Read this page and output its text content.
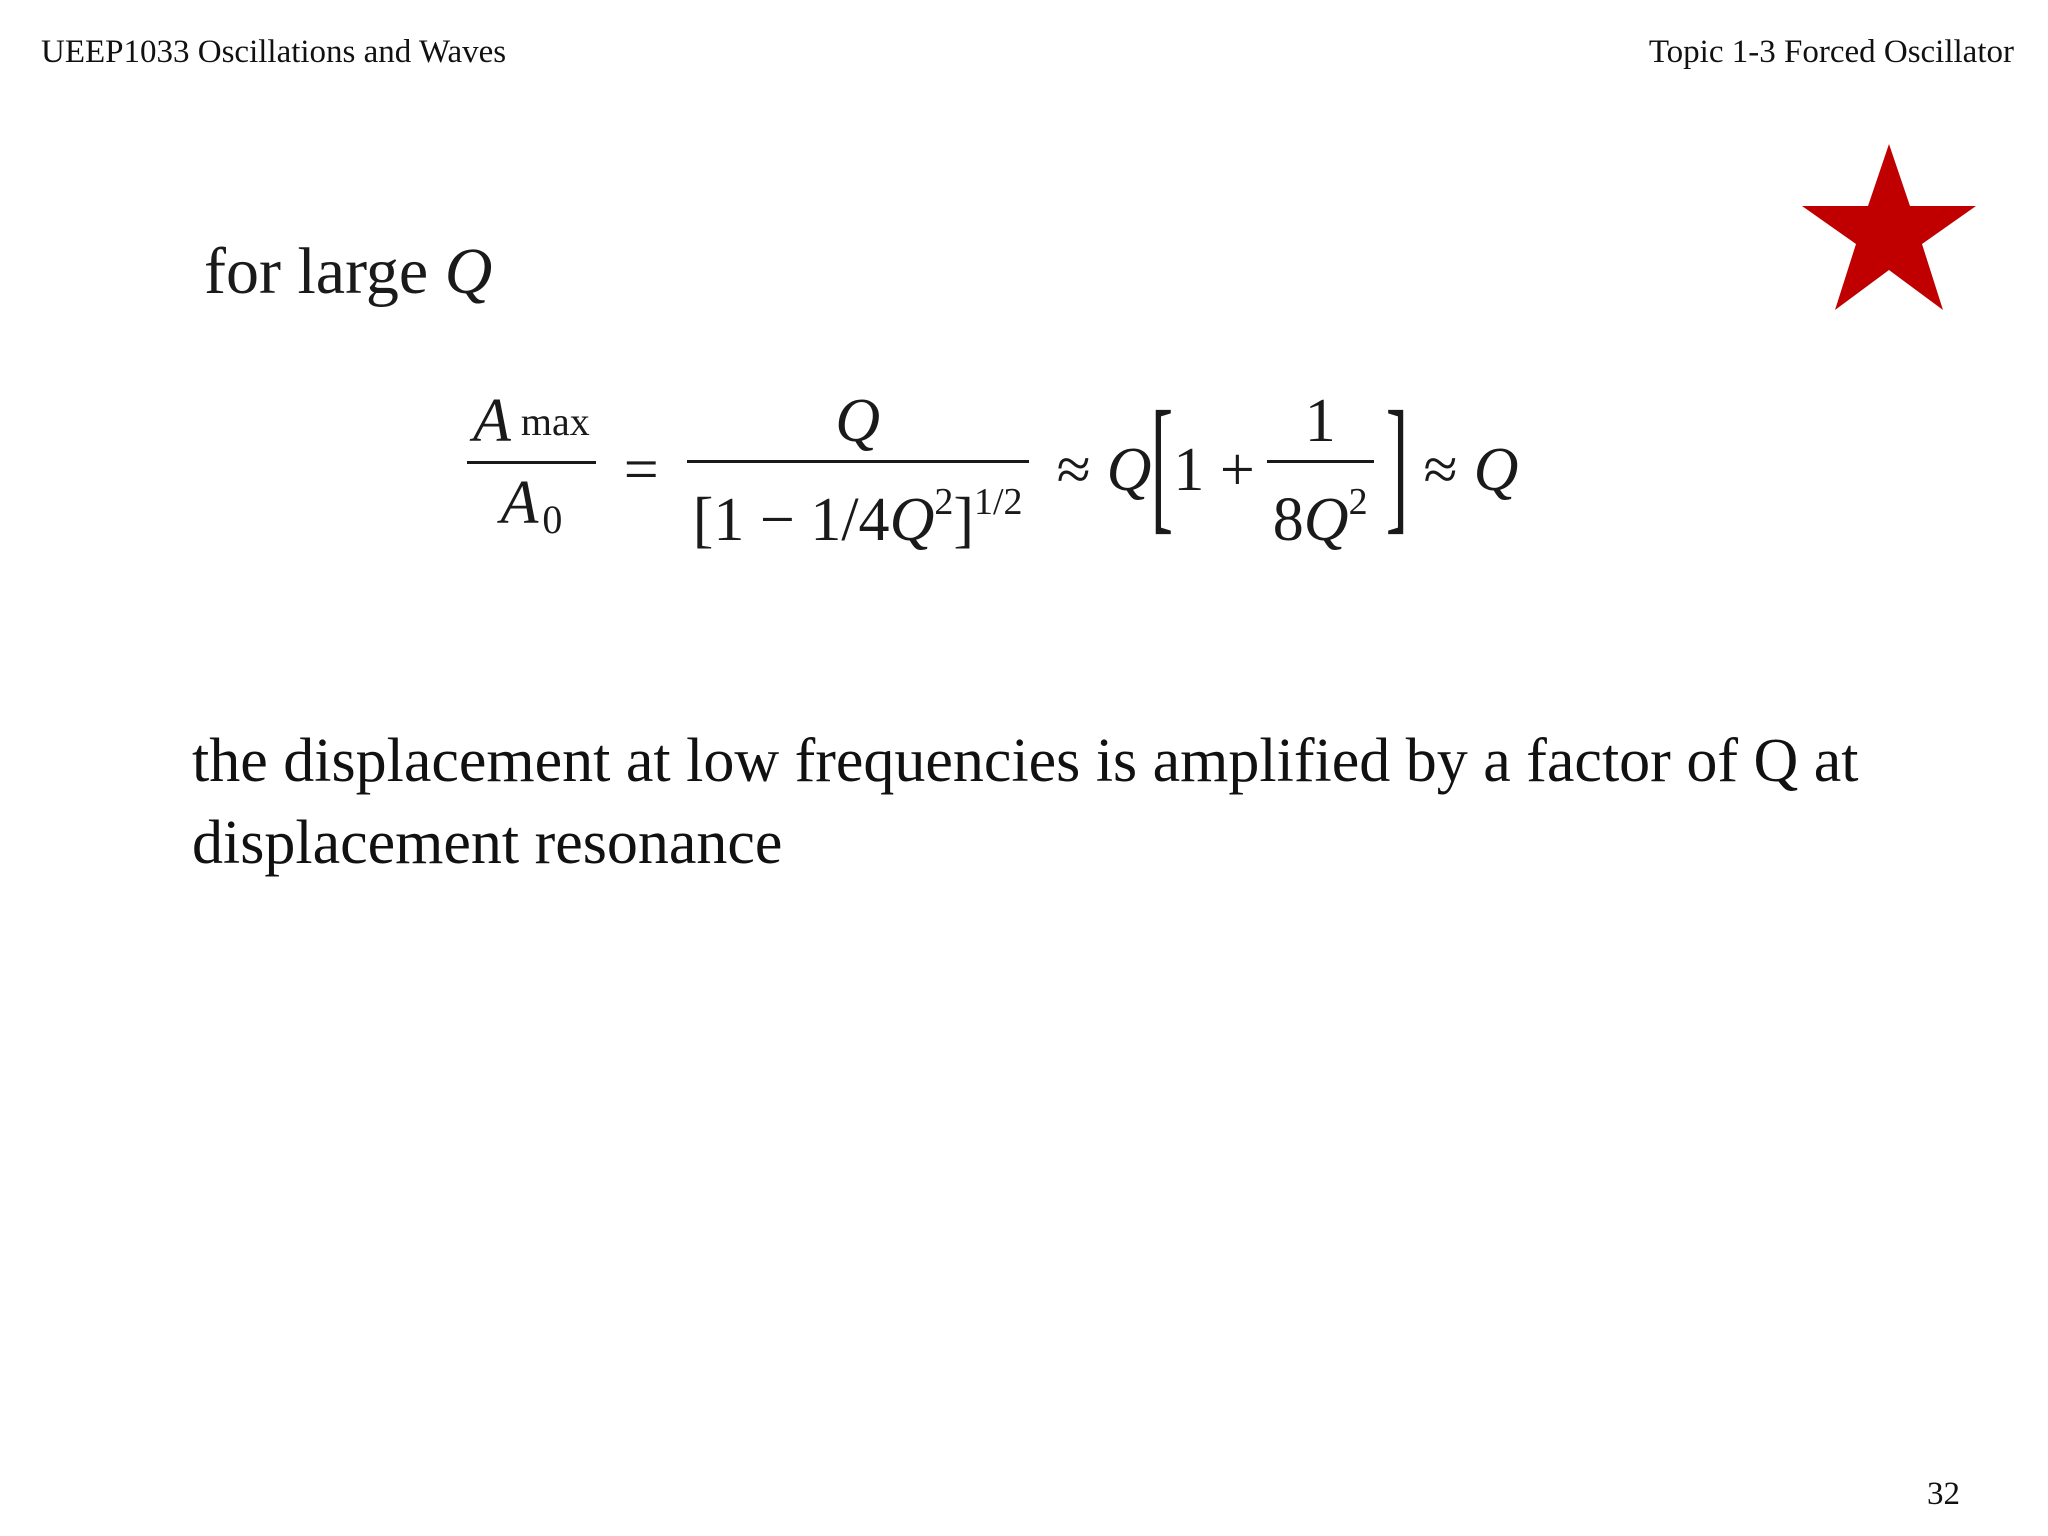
UEEP1033 Oscillations and Waves	Topic 1-3 Forced Oscillator
for large Q
$\frac{\text{A max}}{A _0} = \frac{Q}{[1 - 1/4Q^2]^{1/2}} \approx Q$ [ $1 + \frac{1}{8Q^2}$ ] ≈ Q
the displacement at low frequencies is amplified by a factor of Q at displacement resonance
32
